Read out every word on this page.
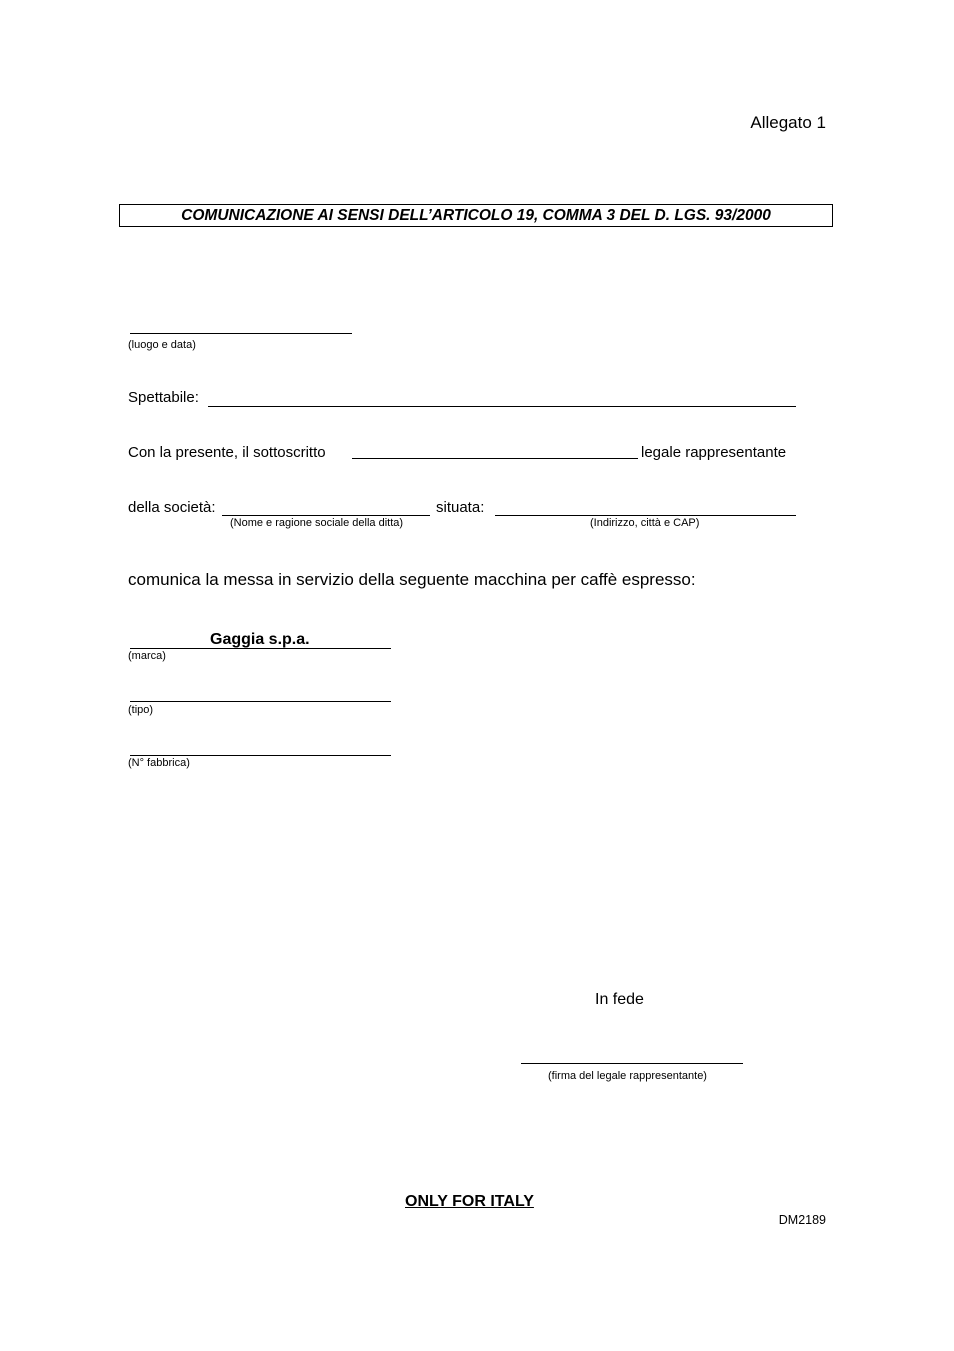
Allegato 1
COMUNICAZIONE AI SENSI DELL’ARTICOLO 19, COMMA 3 DEL D. LGS. 93/2000
(luogo e data)
Spettabile:
Con la presente, il sottoscritto	legale rappresentante
della società:
(Nome e ragione sociale della ditta)
situata:
(Indirizzo, città e CAP)
comunica la messa in servizio della seguente macchina per caffè espresso:
Gaggia s.p.a.
(marca)
(tipo)
(N° fabbrica)
In fede
(firma del legale rappresentante)
ONLY FOR ITALY
DM2189
